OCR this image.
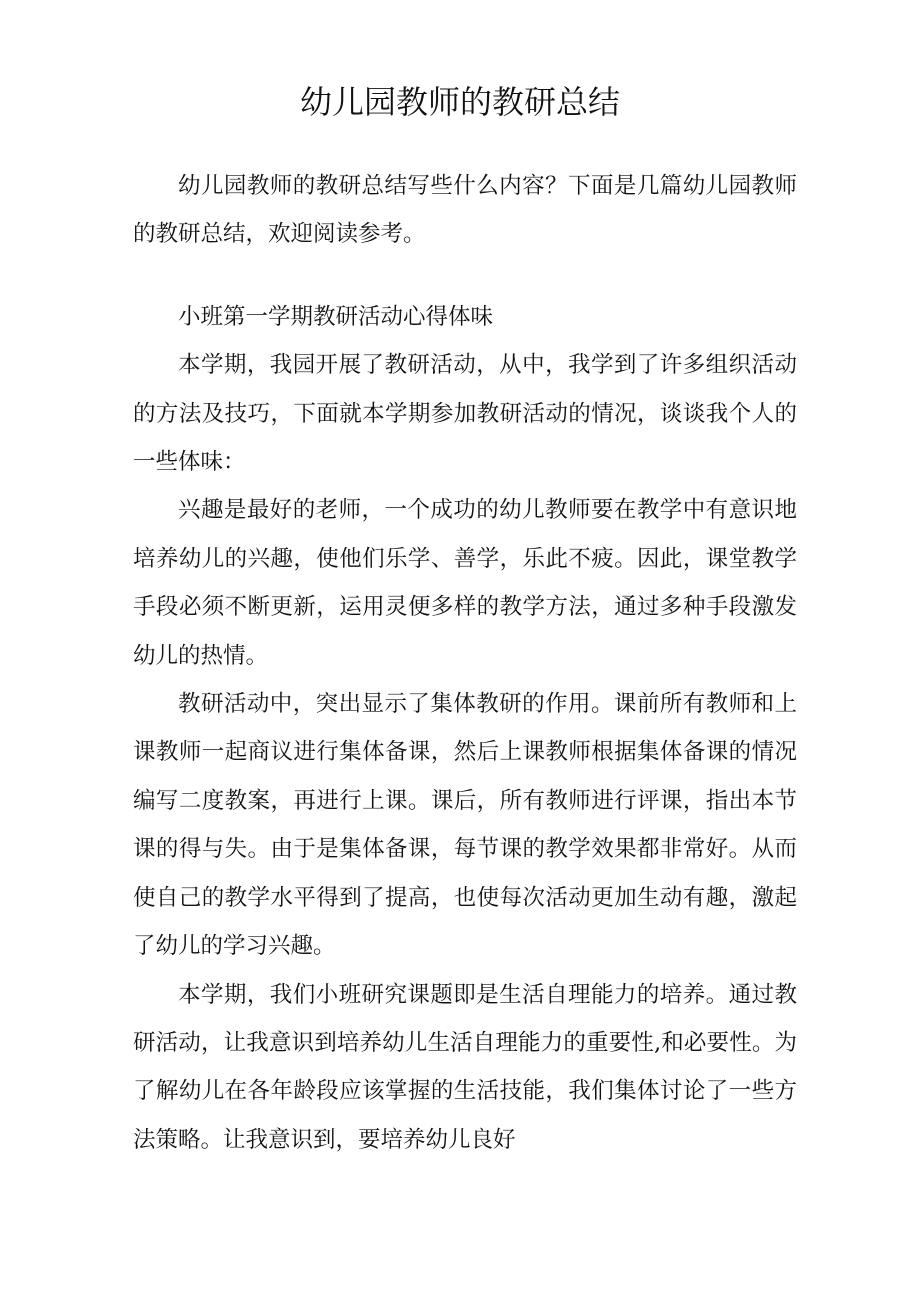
幼儿园教师的教研总结

幼儿园教师的教研总结写些什么内容？下面是几篇幼儿园教师的教研总结，欢迎阅读参考。

小班第一学期教研活动心得体味

本学期，我园开展了教研活动，从中，我学到了许多组织活动的方法及技巧，下面就本学期参加教研活动的情况，谈谈我个人的一些体味：

兴趣是最好的老师，一个成功的幼儿教师要在教学中有意识地培养幼儿的兴趣，使他们乐学、善学，乐此不疲。因此，课堂教学手段必须不断更新，运用灵便多样的教学方法，通过多种手段激发幼儿的热情。

教研活动中，突出显示了集体教研的作用。课前所有教师和上课教师一起商议进行集体备课，然后上课教师根据集体备课的情况编写二度教案，再进行上课。课后，所有教师进行评课，指出本节课的得与失。由于是集体备课，每节课的教学效果都非常好。从而使自己的教学水平得到了提高，也使每次活动更加生动有趣，激起了幼儿的学习兴趣。

本学期，我们小班研究课题即是生活自理能力的培养。通过教研活动，让我意识到培养幼儿生活自理能力的重要性,和必要性。为了解幼儿在各年龄段应该掌握的生活技能，我们集体讨论了一些方法策略。让我意识到，要培养幼儿良好
